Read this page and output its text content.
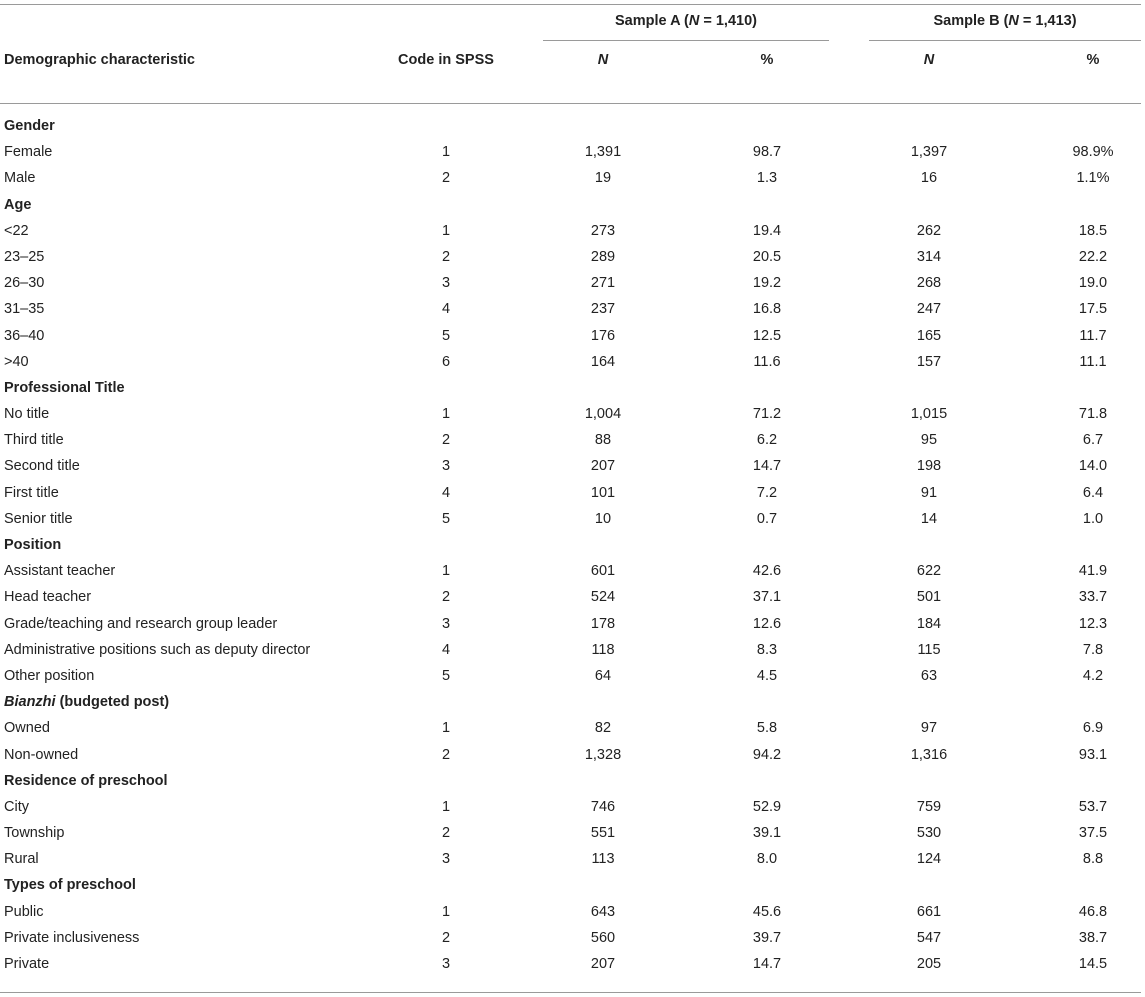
Sample A (N = 1,410)	Sample B (N = 1,413)
Demographic characteristic	Code in SPSS	N	%	N	%
Gender
Female	1	1,391	98.7	1,397	98.9%
Male	2	19	1.3	16	1.1%
Age
<22	1	273	19.4	262	18.5
23–25	2	289	20.5	314	22.2
26–30	3	271	19.2	268	19.0
31–35	4	237	16.8	247	17.5
36–40	5	176	12.5	165	11.7
>40	6	164	11.6	157	11.1
Professional Title
No title	1	1,004	71.2	1,015	71.8
Third title	2	88	6.2	95	6.7
Second title	3	207	14.7	198	14.0
First title	4	101	7.2	91	6.4
Senior title	5	10	0.7	14	1.0
Position
Assistant teacher	1	601	42.6	622	41.9
Head teacher	2	524	37.1	501	33.7
Grade/teaching and research group leader	3	178	12.6	184	12.3
Administrative positions such as deputy director	4	118	8.3	115	7.8
Other position	5	64	4.5	63	4.2
Bianzhi (budgeted post)
Owned	1	82	5.8	97	6.9
Non-owned	2	1,328	94.2	1,316	93.1
Residence of preschool
City	1	746	52.9	759	53.7
Township	2	551	39.1	530	37.5
Rural	3	113	8.0	124	8.8
Types of preschool
Public	1	643	45.6	661	46.8
Private inclusiveness	2	560	39.7	547	38.7
Private	3	207	14.7	205	14.5
